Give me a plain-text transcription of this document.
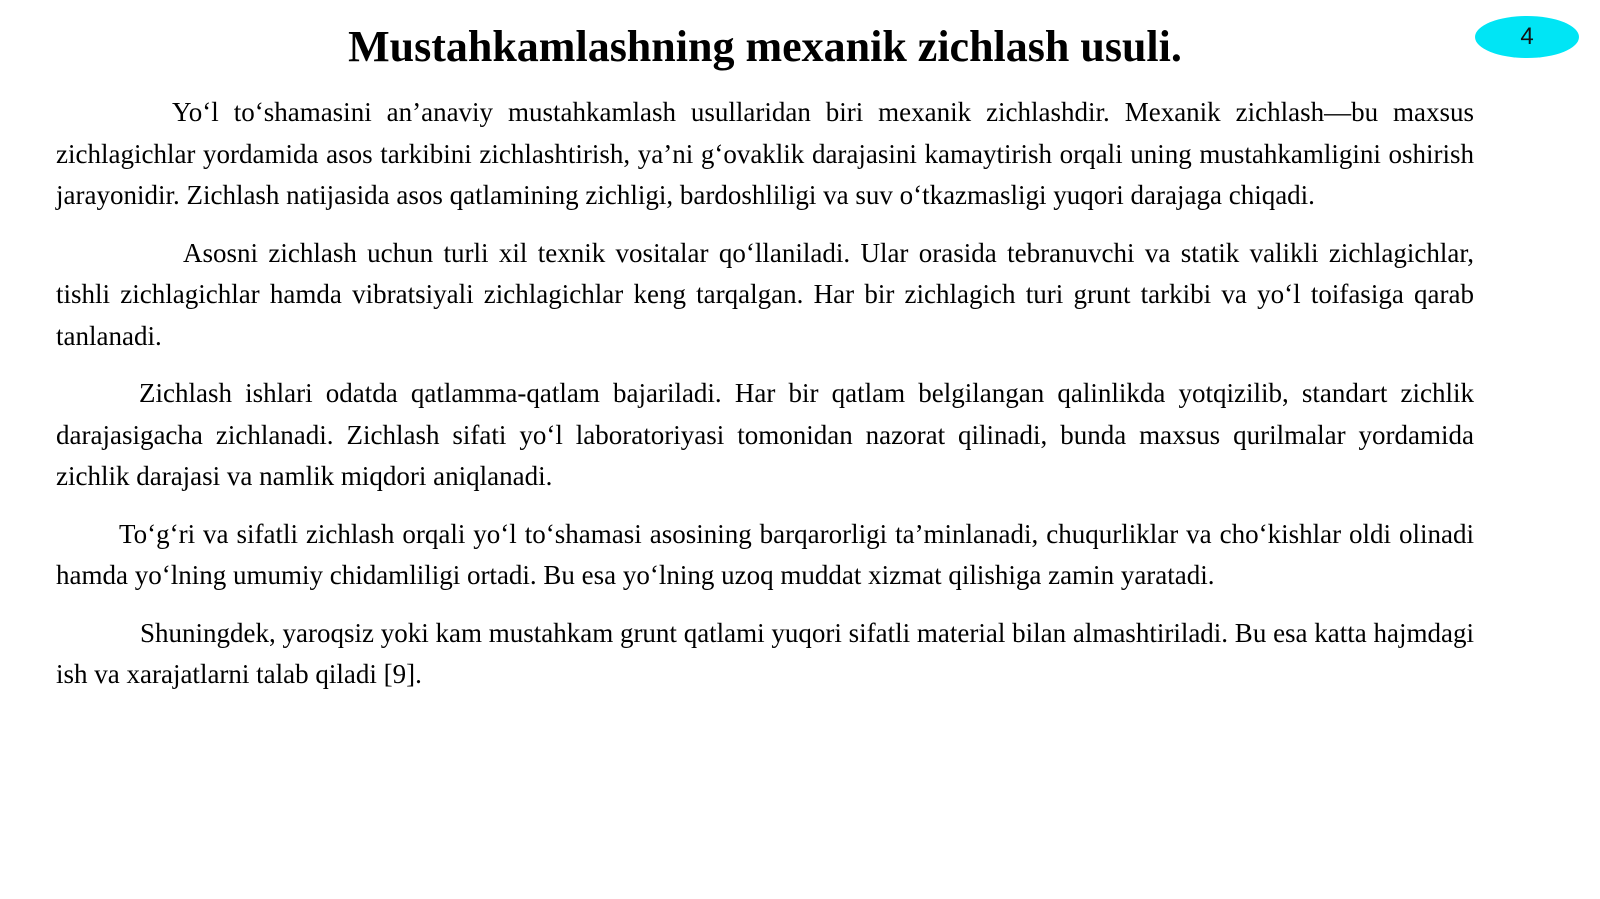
Mustahkamlashning mexanik zichlash usuli.	4

Yo‘l to‘shamasini an’anaviy mustahkamlash usullaridan biri mexanik zichlashdir. Mexanik zichlash—bu maxsus zichlagichlar yordamida asos tarkibini zichlashtirish, ya’ni g‘ovaklik darajasini kamaytirish orqali uning mustahkamligini oshirish jarayonidir. Zichlash natijasida asos qatlamining zichligi, bardoshliligi va suv o‘tkazmasligi yuqori darajaga chiqadi.

Asosni zichlash uchun turli xil texnik vositalar qo‘llaniladi. Ular orasida tebranuvchi va statik valikli zichlagichlar, tishli zichlagichlar hamda vibratsiyali zichlagichlar keng tarqalgan. Har bir zichlagich turi grunt tarkibi va yo‘l toifasiga qarab tanlanadi.

Zichlash ishlari odatda qatlamma-qatlam bajariladi. Har bir qatlam belgilangan qalinlikda yotqizilib, standart zichlik darajasigacha zichlanadi. Zichlash sifati yo‘l laboratoriyasi tomonidan nazorat qilinadi, bunda maxsus qurilmalar yordamida zichlik darajasi va namlik miqdori aniqlanadi.

To‘g‘ri va sifatli zichlash orqali yo‘l to‘shamasi asosining barqarorligi ta’minlanadi, chuqurliklar va cho‘kishlar oldi olinadi hamda yo‘lning umumiy chidamliligi ortadi. Bu esa yo‘lning uzoq muddat xizmat qilishiga zamin yaratadi.

Shuningdek, yaroqsiz yoki kam mustahkam grunt qatlami yuqori sifatli material bilan almashtiriladi. Bu esa katta hajmdagi ish va xarajatlarni talab qiladi [9].
